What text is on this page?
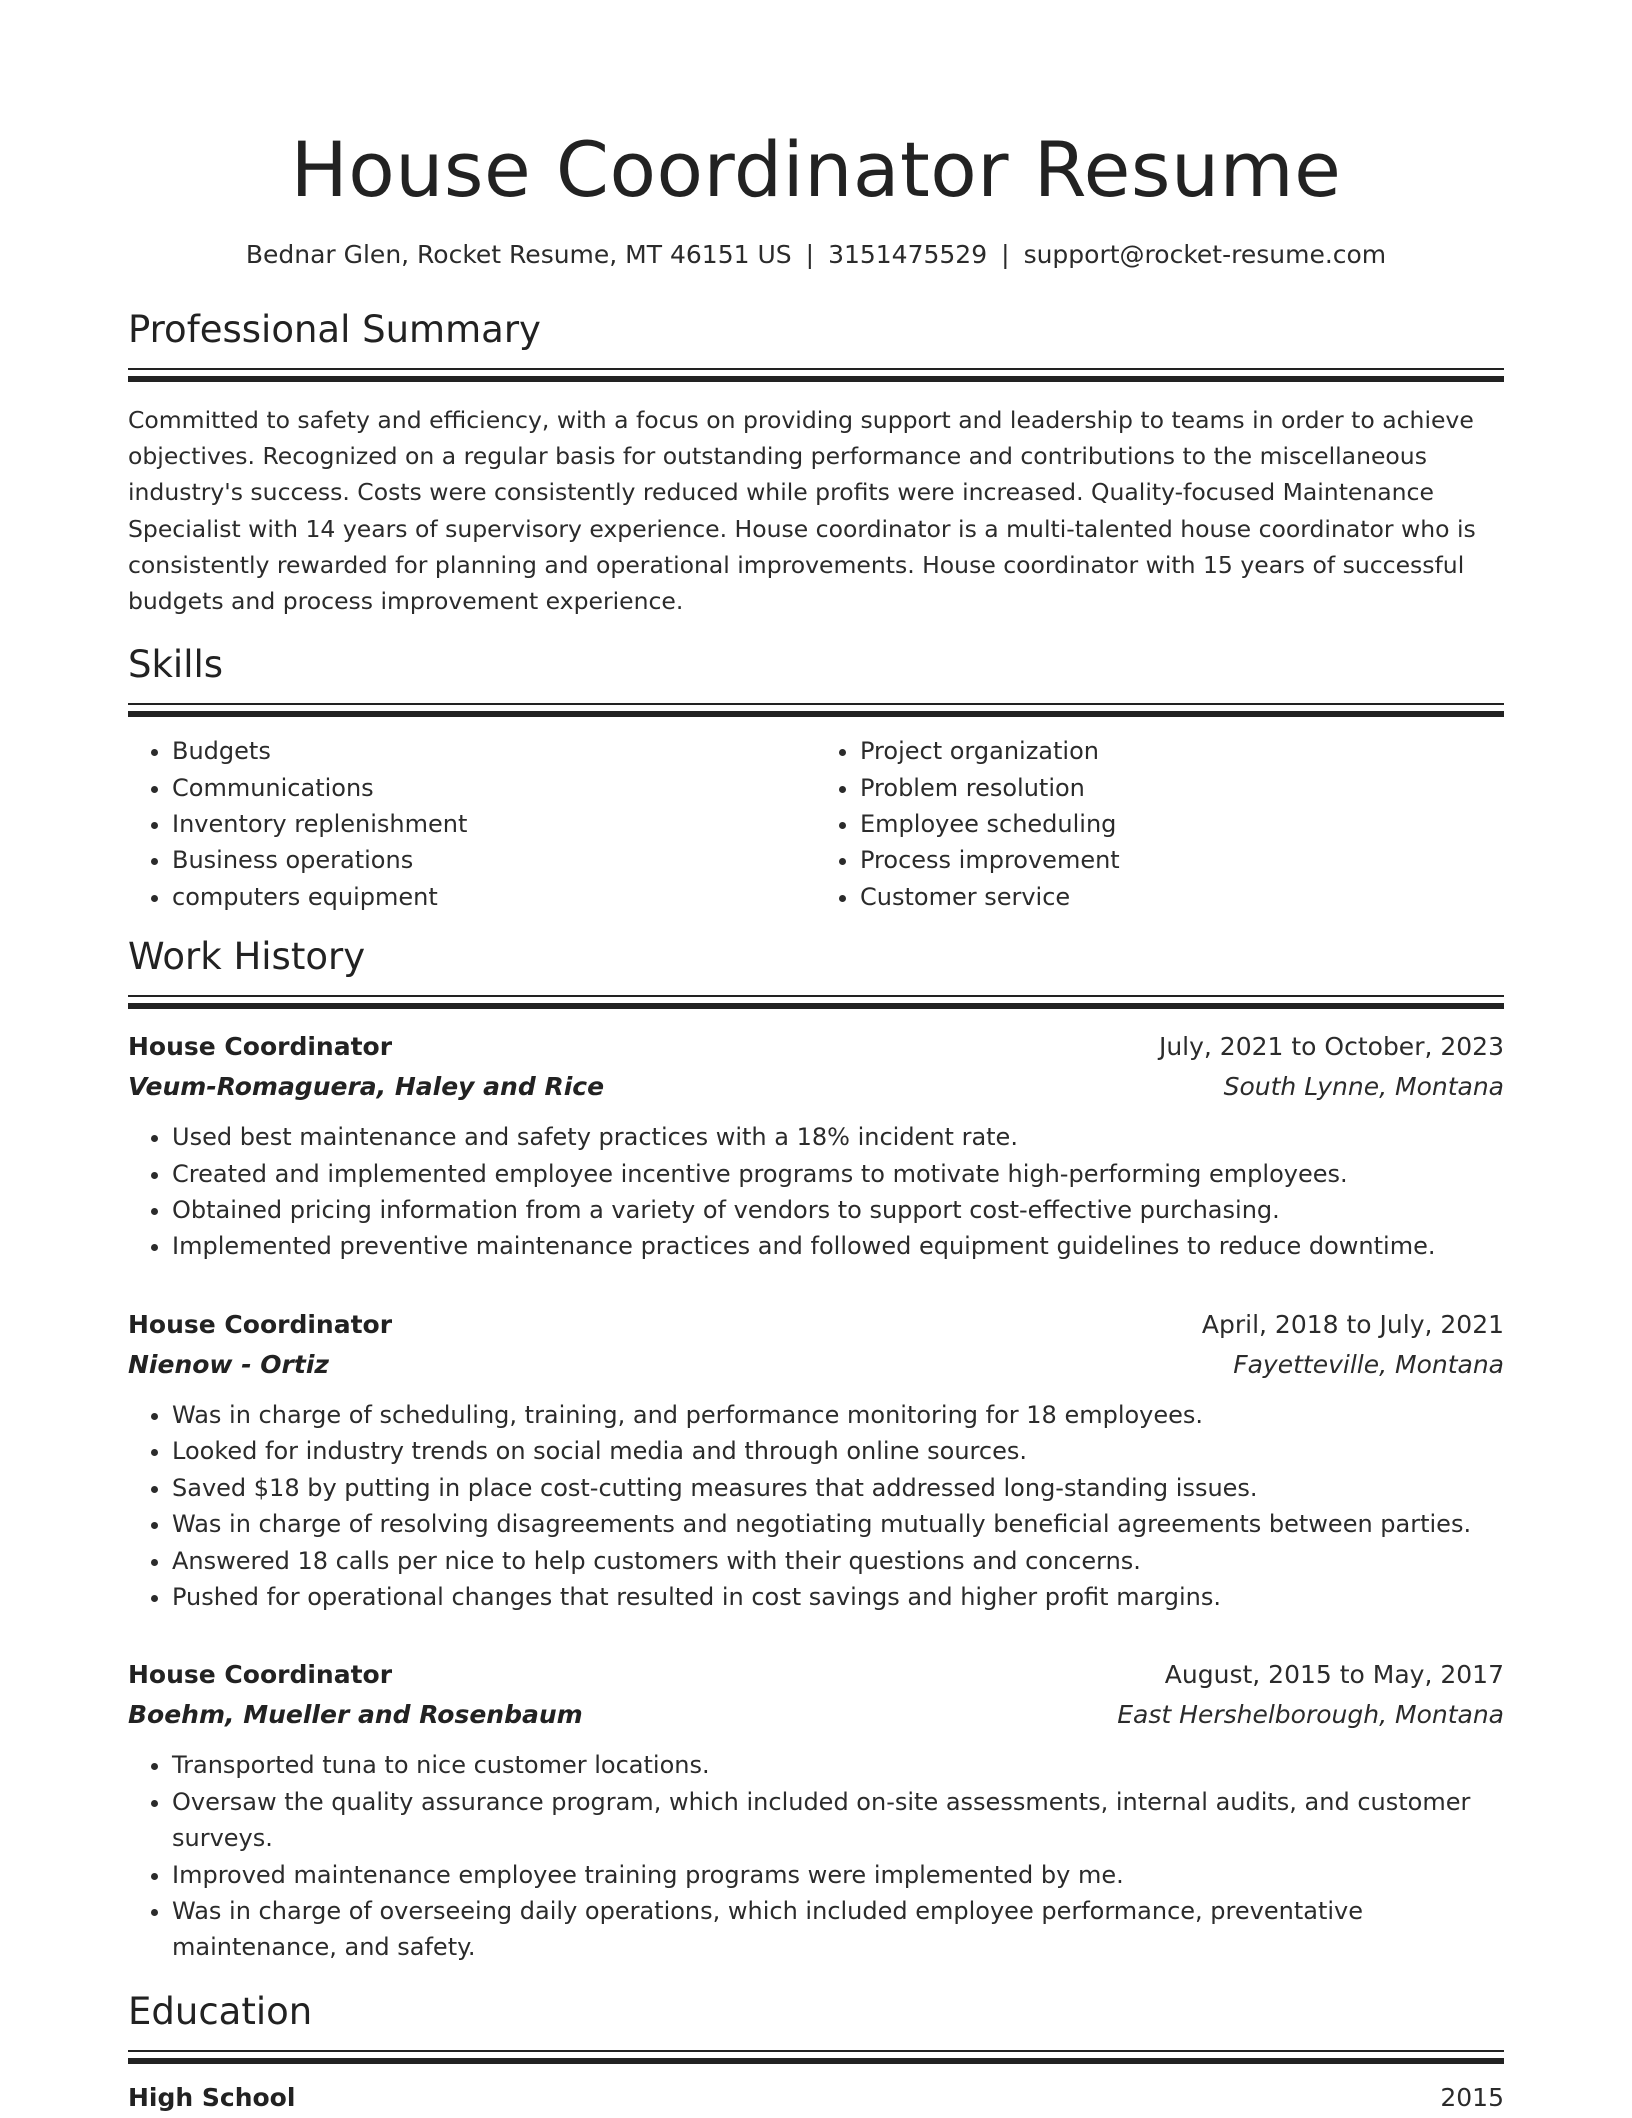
House Coordinator Resume
Bednar Glen, Rocket Resume, MT 46151 US | 3151475529 | support@rocket-resume.com
Professional Summary

Committed to safety and efficiency, with a focus on providing support and leadership to teams in order to achieve objectives. Recognized on a regular basis for outstanding performance and contributions to the miscellaneous industry's success. Costs were consistently reduced while profits were increased. Quality-focused Maintenance Specialist with 14 years of supervisory experience. House coordinator is a multi-talented house coordinator who is consistently rewarded for planning and operational improvements. House coordinator with 15 years of successful budgets and process improvement experience.

Skills
• Budgets
• Communications
• Inventory replenishment
• Business operations
• computers equipment
• Project organization
• Problem resolution
• Employee scheduling
• Process improvement
• Customer service
Work History
House Coordinator	July, 2021 to October, 2023
Veum-Romaguera, Haley and Rice	South Lynne, Montana
• Used best maintenance and safety practices with a 18% incident rate.
• Created and implemented employee incentive programs to motivate high-performing employees.
• Obtained pricing information from a variety of vendors to support cost-effective purchasing.
• Implemented preventive maintenance practices and followed equipment guidelines to reduce downtime.
House Coordinator	April, 2018 to July, 2021
Nienow - Ortiz	Fayetteville, Montana
• Was in charge of scheduling, training, and performance monitoring for 18 employees.
• Looked for industry trends on social media and through online sources.
• Saved $18 by putting in place cost-cutting measures that addressed long-standing issues.
• Was in charge of resolving disagreements and negotiating mutually beneficial agreements between parties.
• Answered 18 calls per nice to help customers with their questions and concerns.
• Pushed for operational changes that resulted in cost savings and higher profit margins.
House Coordinator	August, 2015 to May, 2017
Boehm, Mueller and Rosenbaum	East Hershelborough, Montana
• Transported tuna to nice customer locations.
• Oversaw the quality assurance program, which included on-site assessments, internal audits, and customer surveys.
• Improved maintenance employee training programs were implemented by me.
• Was in charge of overseeing daily operations, which included employee performance, preventative maintenance, and safety.
Education
High School	2015
